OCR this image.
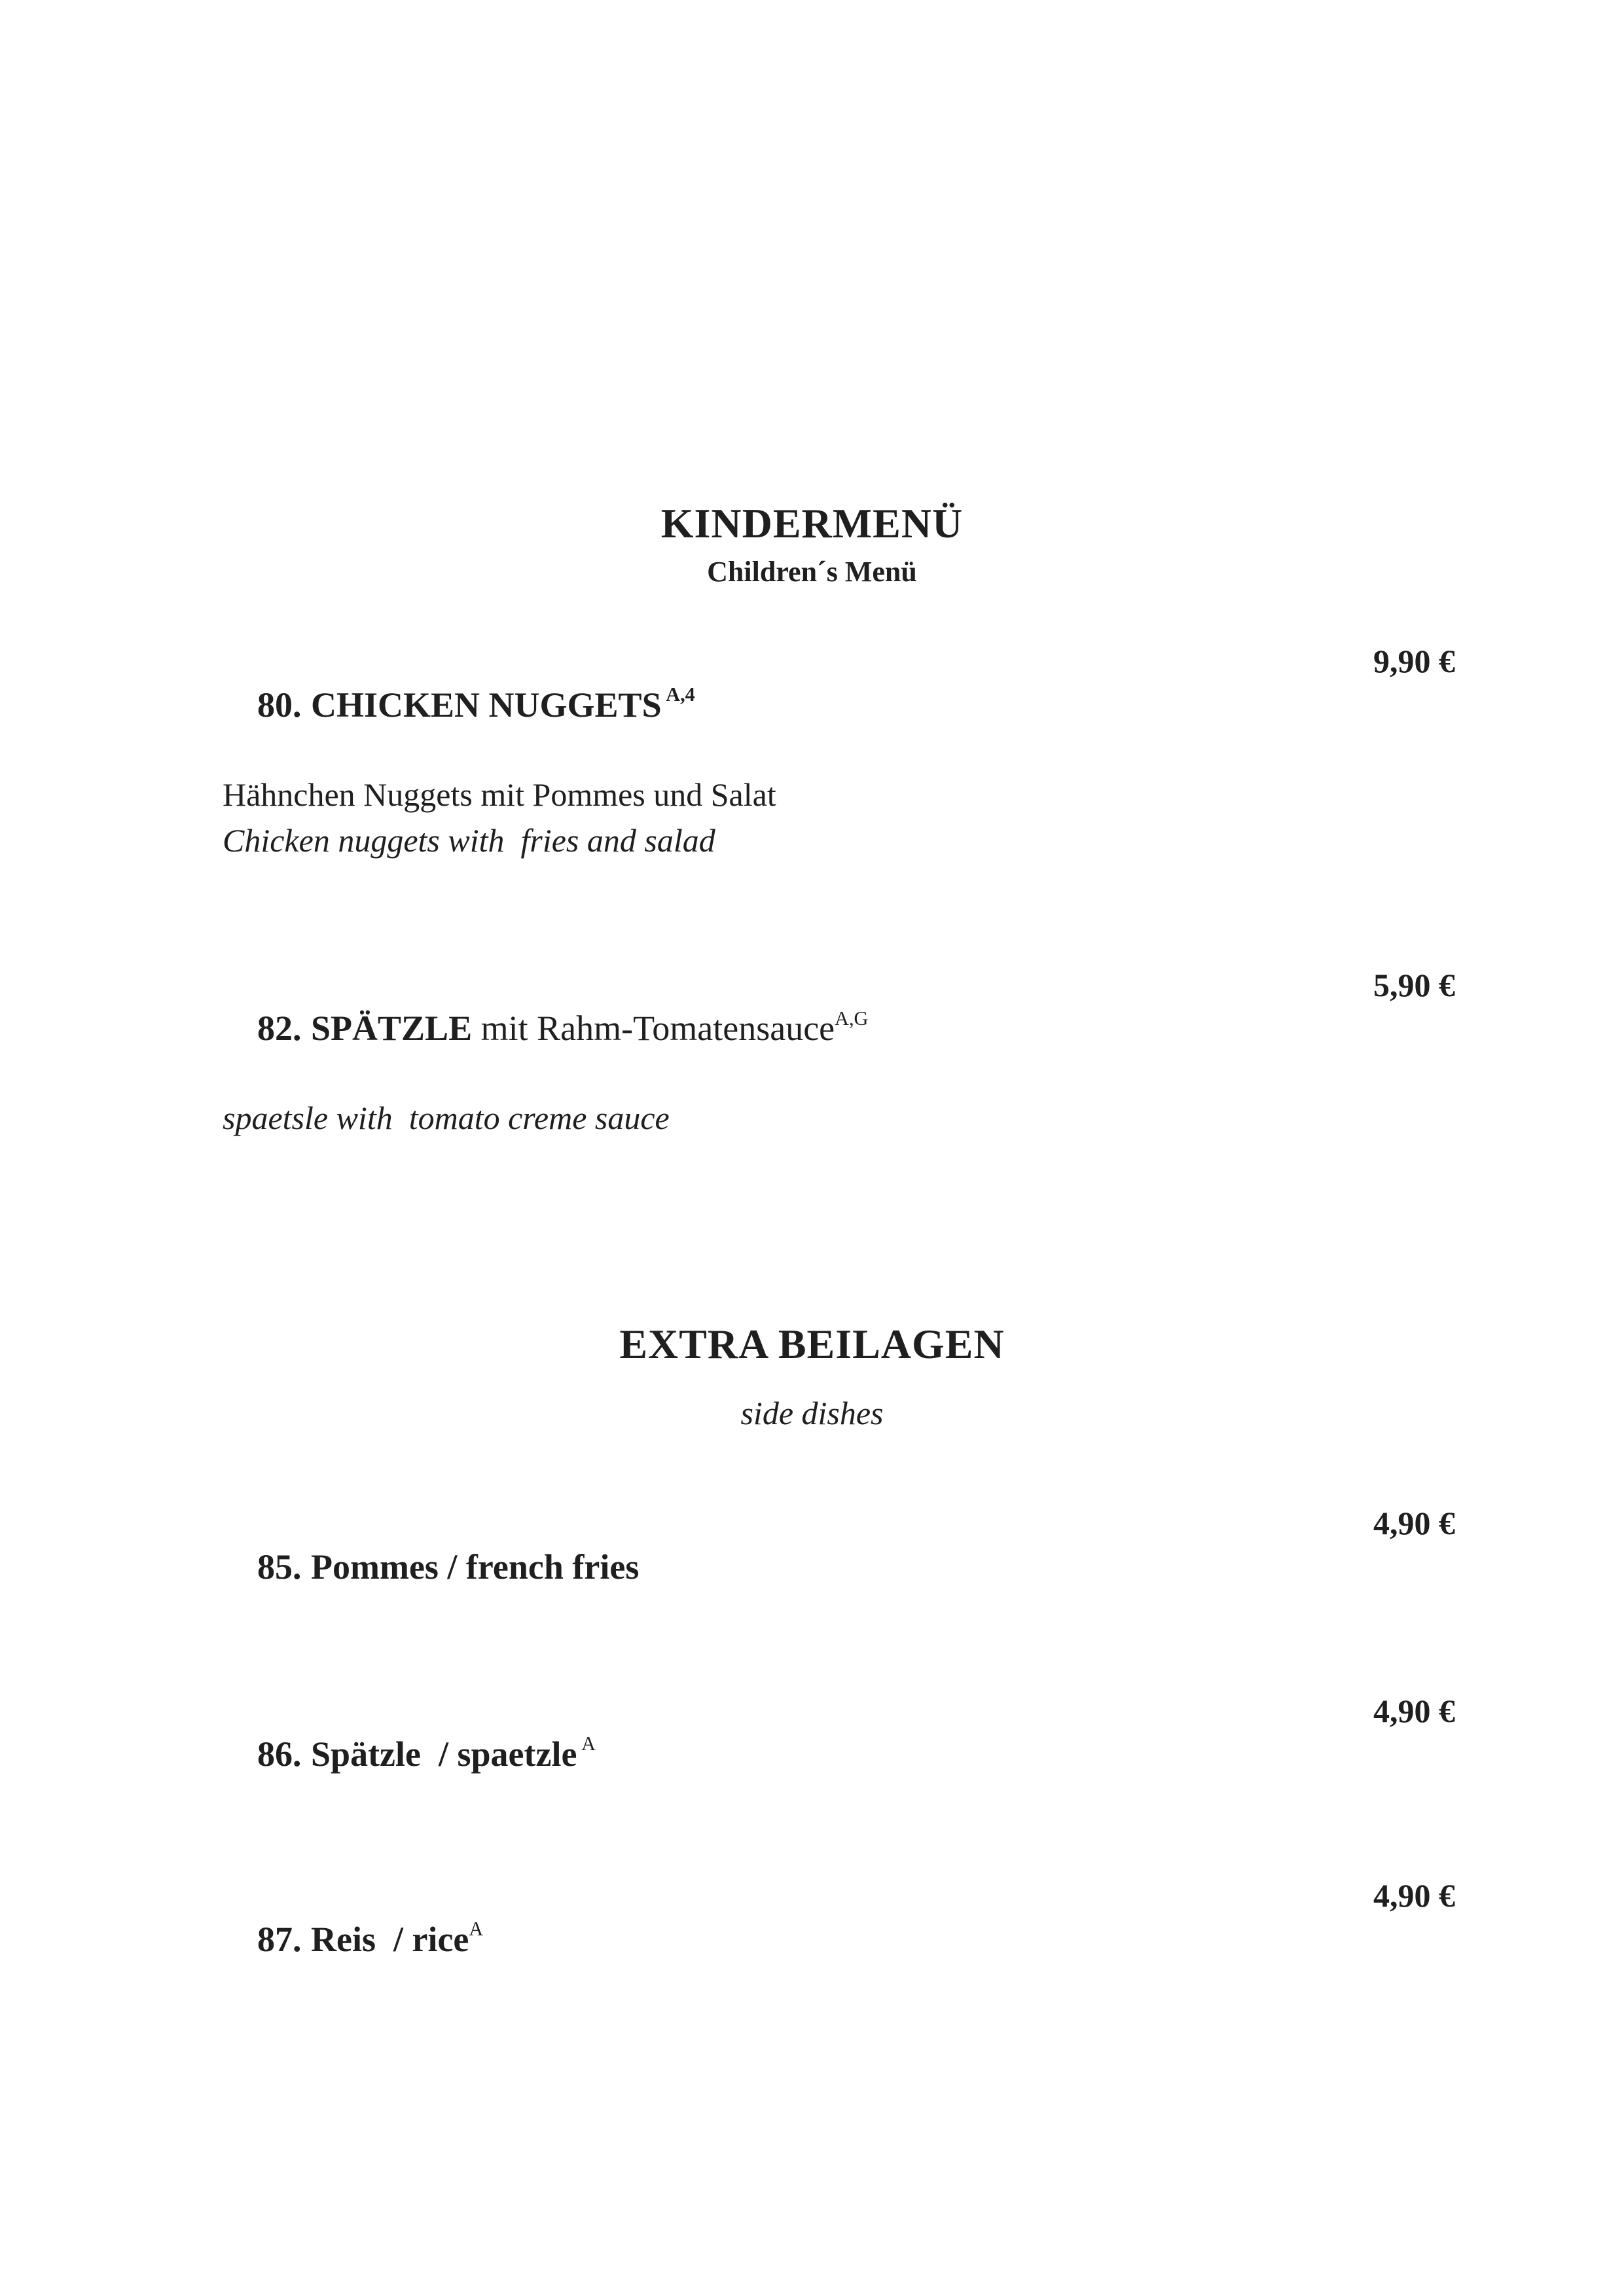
KINDERMENÜ
Children´s Menü

80. CHICKEN NUGGETS $^{A,4}$

9,90 €
Hähnchen Nuggets mit Pommes und Salat
Chicken nuggets with  fries and salad

82. SPÄTZLE mit Rahm-Tomatensauce$^{A,G}$

5,90 €
spaetsle with  tomato creme sauce
EXTRA BEILAGEN
side dishes

85. Pommes / french fries

4,90 €

86. Spätzle  / spaetzle $^A$

4,90 €

87. Reis  / rice$^A$

4,90 €
